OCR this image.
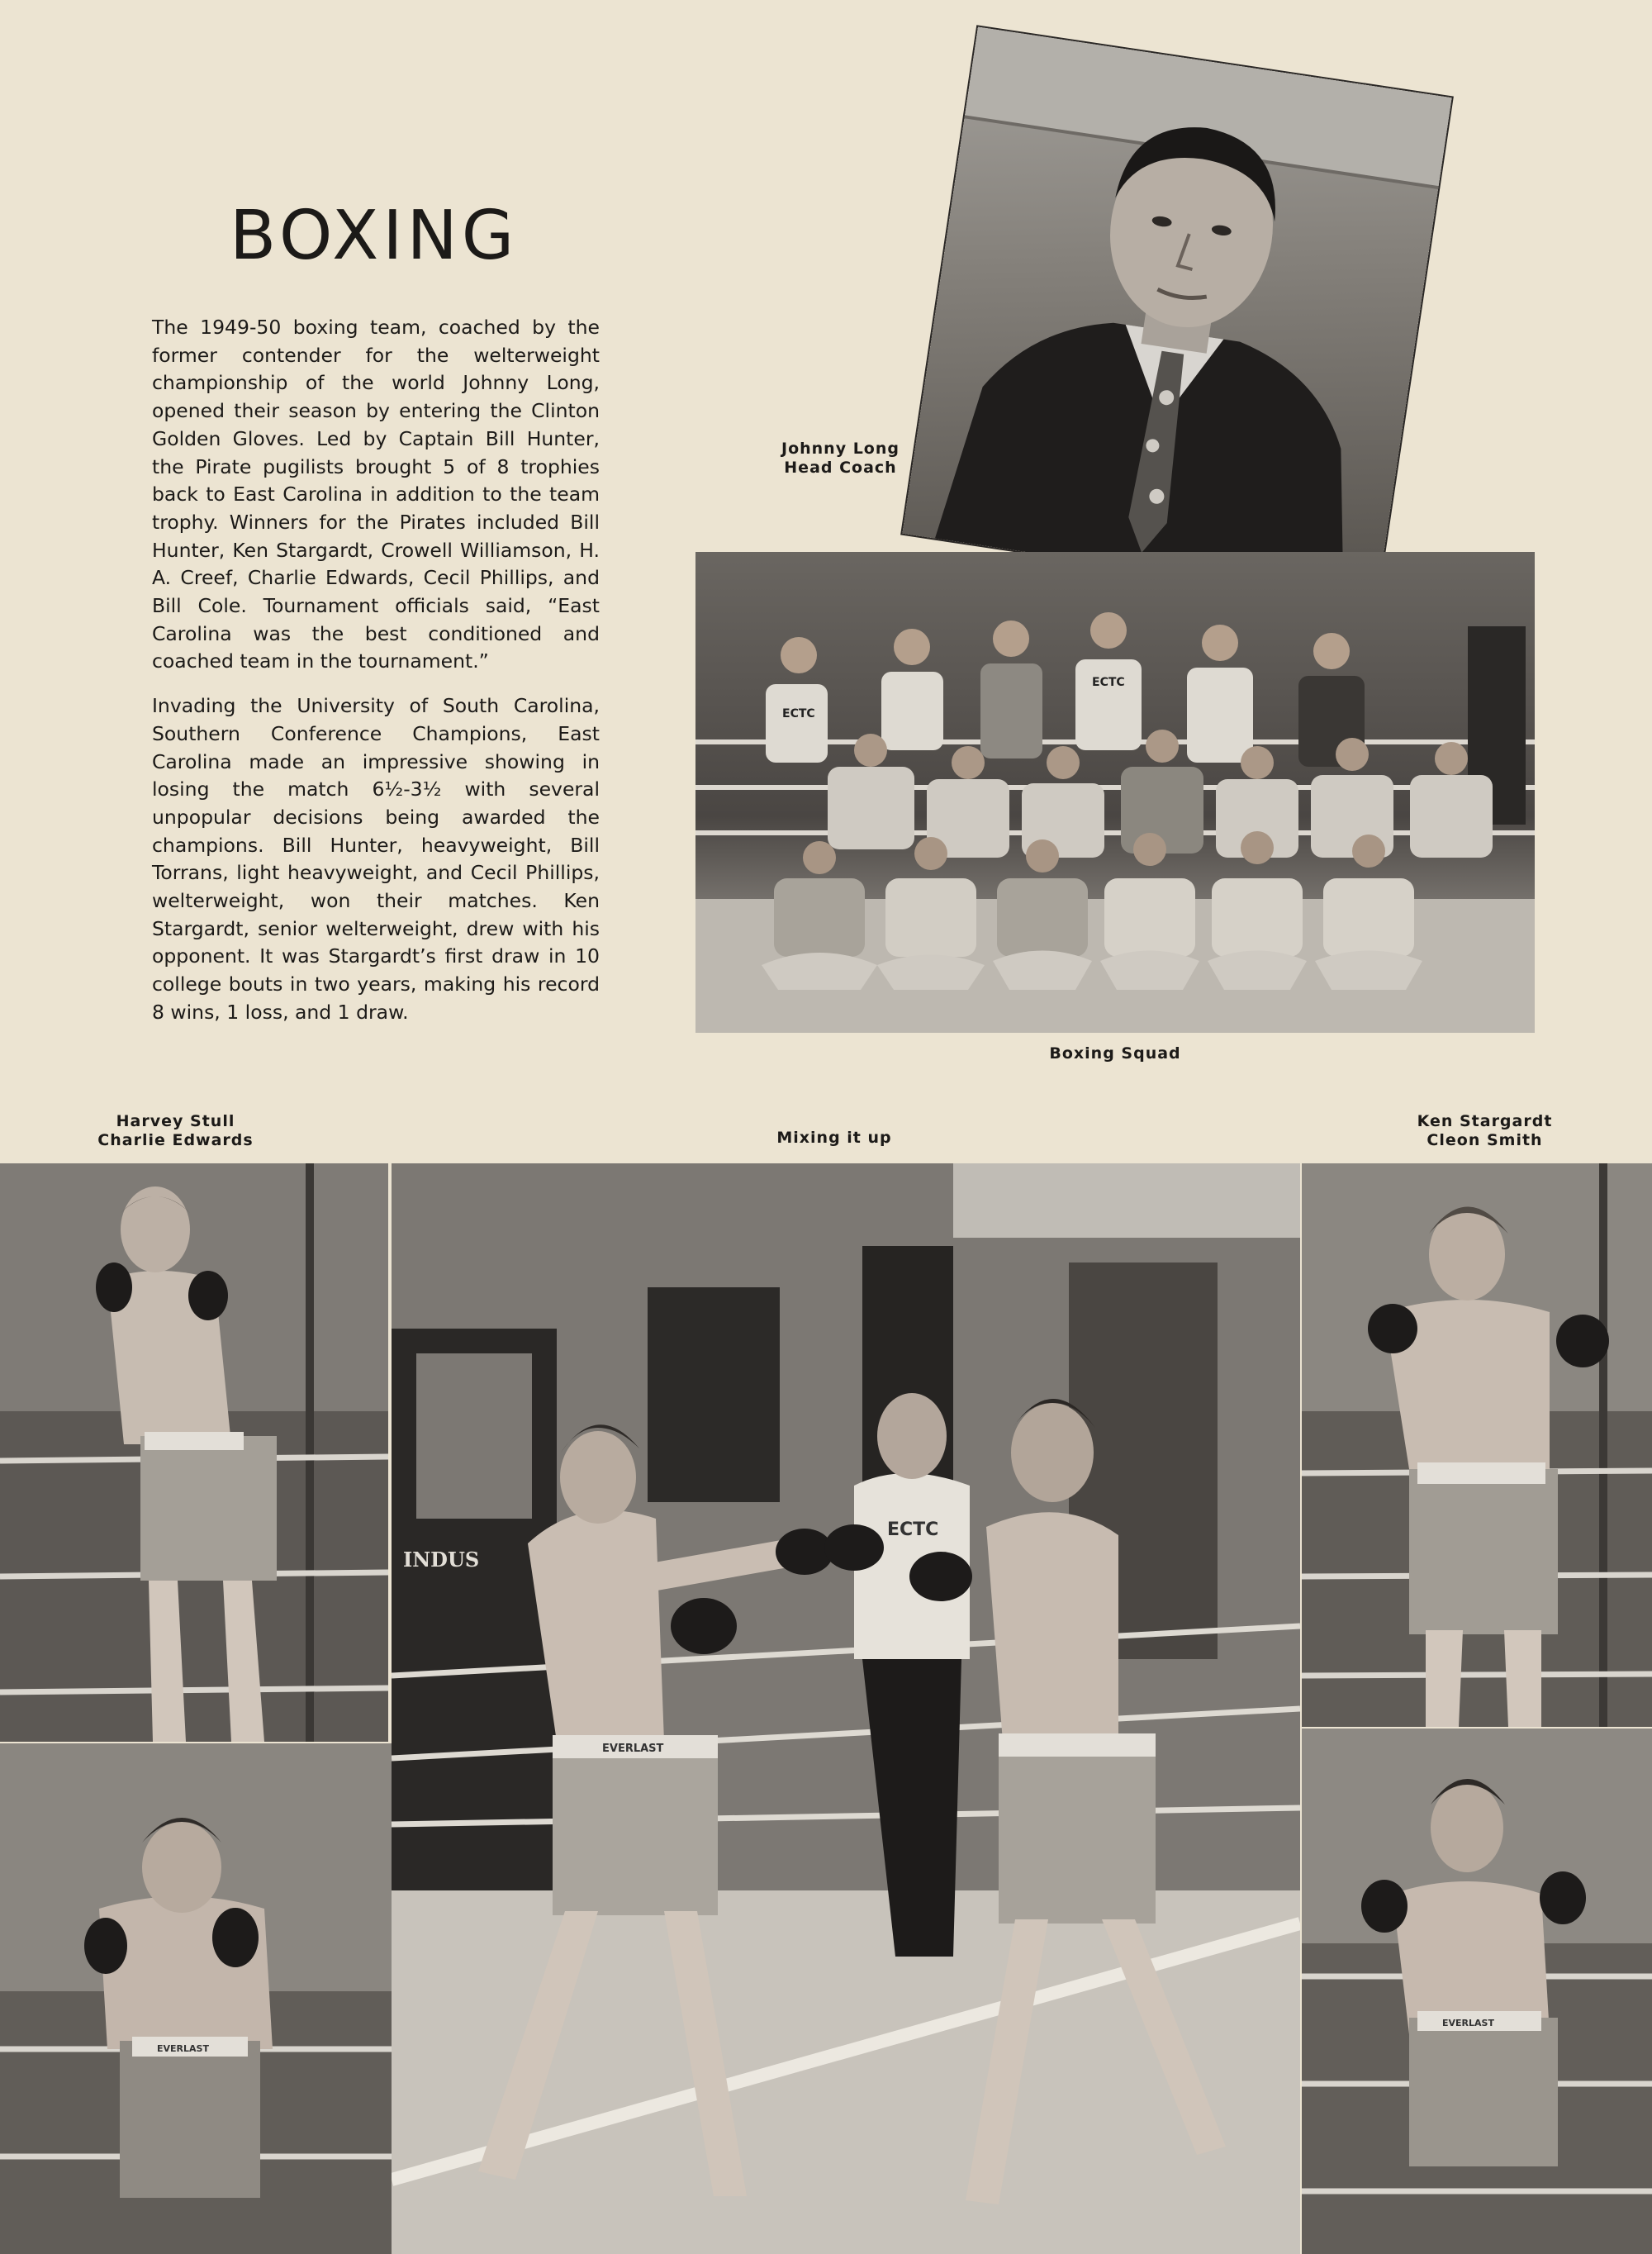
BOXING

The 1949-50 boxing team, coached by the former contender for the welterweight championship of the world Johnny Long, opened their season by entering the Clinton Golden Gloves. Led by Captain Bill Hunter, the Pirate pugilists brought 5 of 8 trophies back to East Carolina in addition to the team trophy. Winners for the Pirates included Bill Hunter, Ken Stargardt, Crowell Williamson, H. A. Creef, Charlie Edwards, Cecil Phillips, and Bill Cole. Tournament officials said, “East Carolina was the best conditioned and coached team in the tournament.”

Invading the University of South Carolina, Southern Conference Champions, East Carolina made an impressive showing in losing the match 6½-3½ with several unpopular decisions being awarded the champions. Bill Hunter, heavyweight, Bill Torrans, light heavyweight, and Cecil Phillips, welterweight, won their matches. Ken Stargardt, senior welterweight, drew with his opponent. It was Stargardt’s first draw in 10 college bouts in two years, making his record 8 wins, 1 loss, and 1 draw.

Johnny Long
Head Coach
ECTC
ECTC
Boxing Squad
Harvey Stull
Charlie Edwards	Mixing it up
Ken Stargardt
Cleon Smith
EVERLAST
INDUS
ECTC
EVERLAST
EVERLAST
